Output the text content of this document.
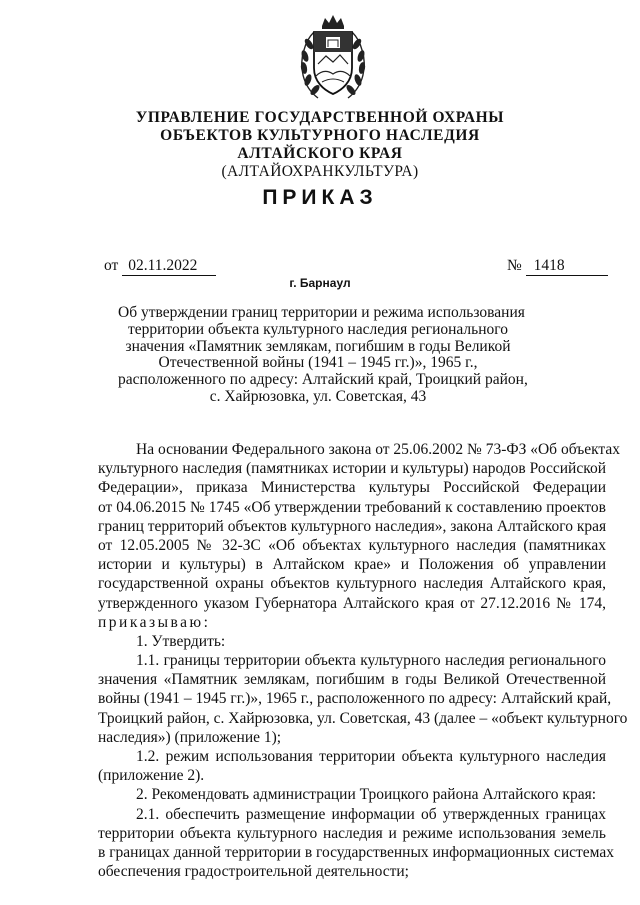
УПРАВЛЕНИЕ ГОСУДАРСТВЕННОЙ ОХРАНЫ
ОБЪЕКТОВ КУЛЬТУРНОГО НАСЛЕДИЯ
АЛТАЙСКОГО КРАЯ
(АЛТАЙОХРАНКУЛЬТУРА)
ПРИКАЗ
от 02.11.2022	№ 1418
г. Барнаул
Об утверждении границ территории и режима использования
территории объекта культурного наследия регионального
значения «Памятник землякам, погибшим в годы Великой
Отечественной войны (1941 – 1945 гг.)», 1965 г.,
расположенного по адресу: Алтайский край, Троицкий район,
с. Хайрюзовка, ул. Советская, 43
На основании Федерального закона от 25.06.2002 № 73-ФЗ «Об объектах
культурного наследия (памятниках истории и культуры) народов Российской
Федерации», приказа Министерства культуры Российской Федерации
от 04.06.2015 № 1745 «Об утверждении требований к составлению проектов
границ территорий объектов культурного наследия», закона Алтайского края
от 12.05.2005 № 32-ЗС «Об объектах культурного наследия (памятниках
истории и культуры) в Алтайском крае» и Положения об управлении
государственной охраны объектов культурного наследия Алтайского края,
утвержденного указом Губернатора Алтайского края от 27.12.2016 № 174,
приказываю:
1. Утвердить:
1.1. границы территории объекта культурного наследия регионального
значения «Памятник землякам, погибшим в годы Великой Отечественной
войны (1941 – 1945 гг.)», 1965 г., расположенного по адресу: Алтайский край,
Троицкий район, с. Хайрюзовка, ул. Советская, 43 (далее – «объект культурного
наследия») (приложение 1);
1.2. режим использования территории объекта культурного наследия
(приложение 2).
2. Рекомендовать администрации Троицкого района Алтайского края:
2.1. обеспечить размещение информации об утвержденных границах
территории объекта культурного наследия и режиме использования земель
в границах данной территории в государственных информационных системах
обеспечения градостроительной деятельности;
